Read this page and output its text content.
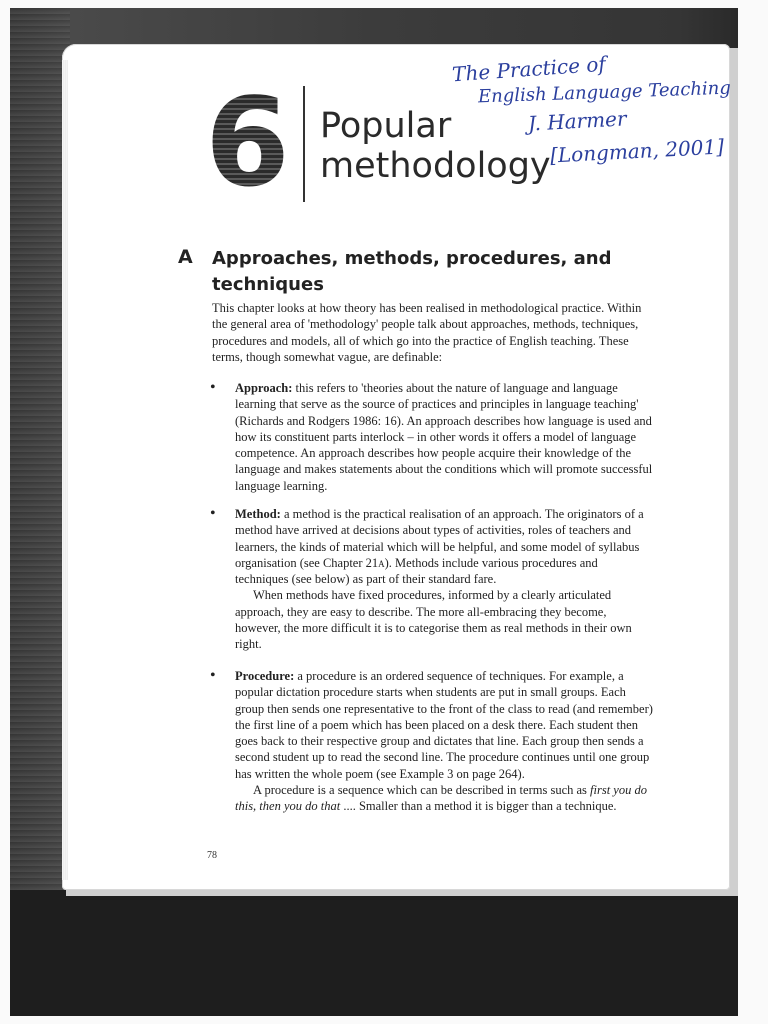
The Practice of
English Language Teaching
J. Harmer
[Longman, 2001]
6 Popular
methodology
A Approaches, methods, procedures, and techniques
This chapter looks at how theory has been realised in methodological practice. Within the general area of 'methodology' people talk about approaches, methods, techniques, procedures and models, all of which go into the practice of English teaching. These terms, though somewhat vague, are definable:
• Approach: this refers to 'theories about the nature of language and language learning that serve as the source of practices and principles in language teaching' (Richards and Rodgers 1986: 16). An approach describes how language is used and how its constituent parts interlock – in other words it offers a model of language competence. An approach describes how people acquire their knowledge of the language and makes statements about the conditions which will promote successful language learning.

• Method: a method is the practical realisation of an approach. The originators of a method have arrived at decisions about types of activities, roles of teachers and learners, the kinds of material which will be helpful, and some model of syllabus organisation (see Chapter 21a). Methods include various procedures and techniques (see below) as part of their standard fare.

When methods have fixed procedures, informed by a clearly articulated approach, they are easy to describe. The more all-embracing they become, however, the more difficult it is to categorise them as real methods in their own right.

• Procedure: a procedure is an ordered sequence of techniques. For example, a popular dictation procedure starts when students are put in small groups. Each group then sends one representative to the front of the class to read (and remember) the first line of a poem which has been placed on a desk there. Each student then goes back to their respective group and dictates that line. Each group then sends a second student up to read the second line. The procedure continues until one group has written the whole poem (see Example 3 on page 264).

A procedure is a sequence which can be described in terms such as first you do this, then you do that .... Smaller than a method it is bigger than a technique.

78
